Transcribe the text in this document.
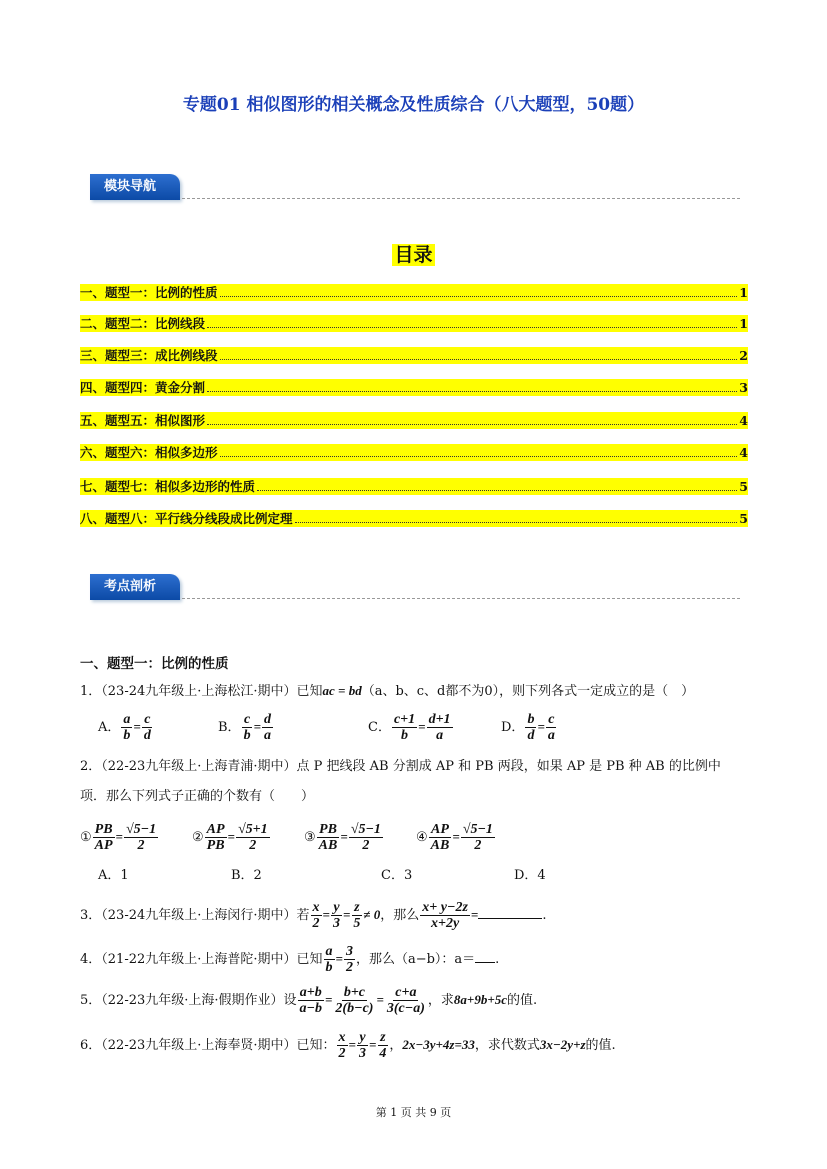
专题01 相似图形的相关概念及性质综合（八大题型，50题）
模块导航
目录
一、题型一：比例的性质	1
二、题型二：比例线段	1
三、题型三：成比例线段	2
四、题型四：黄金分割	3
五、题型五：相似图形	4
六、题型六：相似多边形	4
七、题型七：相似多边形的性质	5
八、题型八：平行线分线段成比例定理	5
考点剖析
一、题型一：比例的性质
1．（23-24九年级上·上海松江·期中）已知ac = bd（a、b、c、d都不为0），则下列各式一定成立的是（　）
A． $\frac{a}{b} = \frac{c}{d}$	B． $\frac{c}{b} = \frac{d}{a}$	C． $\frac{c+1}{b} = \frac{d+1}{a}$	D． $\frac{b}{d} = \frac{c}{a}$
2．（22-23九年级上·上海青浦·期中）点 P 把线段 AB 分割成 AP 和 PB 两段，如果 AP 是 PB 种 AB 的比例中
项．那么下列式子正确的个数有（　　）
① $\frac{PB}{AP} = \frac{√5-1}{2}$	② $\frac{AP}{PB} = \frac{√5+1}{2}$	③ $\frac{PB}{AB} = \frac{√5-1}{2}$	④ $\frac{AP}{AB} = \frac{√5-1}{2}$
A．1	B．2	C．3	D．4
3．（23-24九年级上·上海闵行·期中）若 $\frac{x}{2} = \frac{y}{3} = \frac{z}{5} \ne 0$，那么 $\frac{x+ y-2z}{x+2y}$ =	.
4．（21-22九年级上·上海普陀·期中）已知 $\frac{a}{b} = \frac{3}{2}$ ，那么（a−b）：a＝ .
5．（22-23九年级·上海·假期作业）设 $\frac{a+b}{a-b} = \frac{b+c}{2(b-c)} = \frac{c+a}{3(c-a)}$ ，求8a+9b+5c的值.
6．（22-23九年级上·上海奉贤·期中）已知： $\frac{x}{2} = \frac{y}{3} = \frac{z}{4}$ ，2x−3y+4z=33，求代数式3x−2y+z的值.
第 1 页 共 9 页
